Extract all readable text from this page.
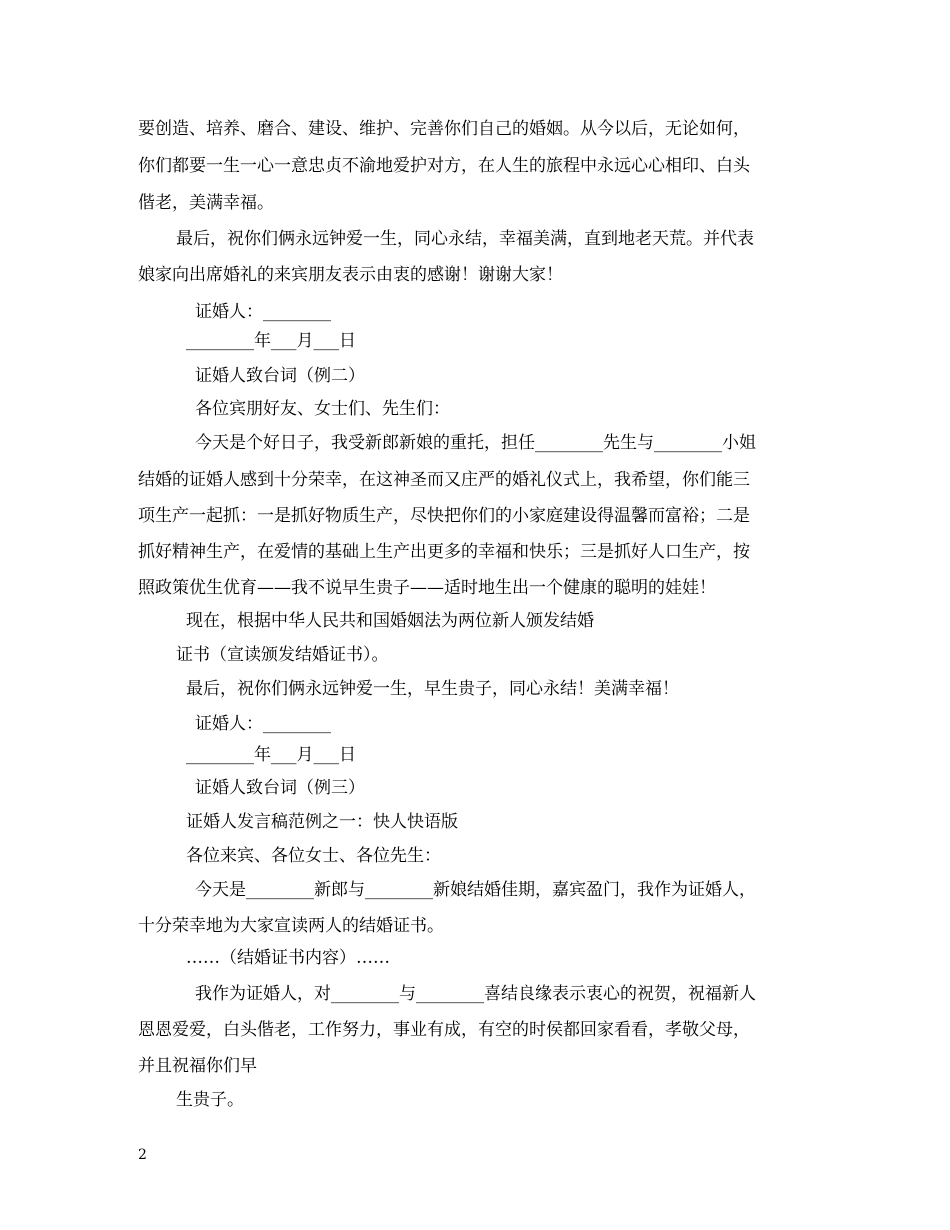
要创造、培养、磨合、建设、维护、完善你们自己的婚姻。从今以后，无论如何，
你们都要一生一心一意忠贞不渝地爱护对方，在人生的旅程中永远心心相印、白头
偕老，美满幸福。
最后，祝你们俩永远钟爱一生，同心永结，幸福美满，直到地老天荒。并代表
娘家向出席婚礼的来宾朋友表示由衷的感谢！谢谢大家！
证婚人：________
________年___月___日
证婚人致台词（例二）
各位宾朋好友、女士们、先生们：
今天是个好日子，我受新郎新娘的重托，担任________先生与________小姐
结婚的证婚人感到十分荣幸，在这神圣而又庄严的婚礼仪式上，我希望，你们能三
项生产一起抓：一是抓好物质生产，尽快把你们的小家庭建设得温馨而富裕；二是
抓好精神生产，在爱情的基础上生产出更多的幸福和快乐；三是抓好人口生产，按
照政策优生优育——我不说早生贵子——适时地生出一个健康的聪明的娃娃！
现在，根据中华人民共和国婚姻法为两位新人颁发结婚
证书（宣读颁发结婚证书）。
最后，祝你们俩永远钟爱一生，早生贵子，同心永结！美满幸福！
证婚人：________
________年___月___日
证婚人致台词（例三）
证婚人发言稿范例之一：快人快语版
各位来宾、各位女士、各位先生：
今天是________新郎与________新娘结婚佳期，嘉宾盈门，我作为证婚人，
十分荣幸地为大家宣读两人的结婚证书。
……（结婚证书内容）……
我作为证婚人，对________与________喜结良缘表示衷心的祝贺，祝福新人
恩恩爱爱，白头偕老，工作努力，事业有成，有空的时侯都回家看看，孝敬父母，
并且祝福你们早
生贵子。
2
